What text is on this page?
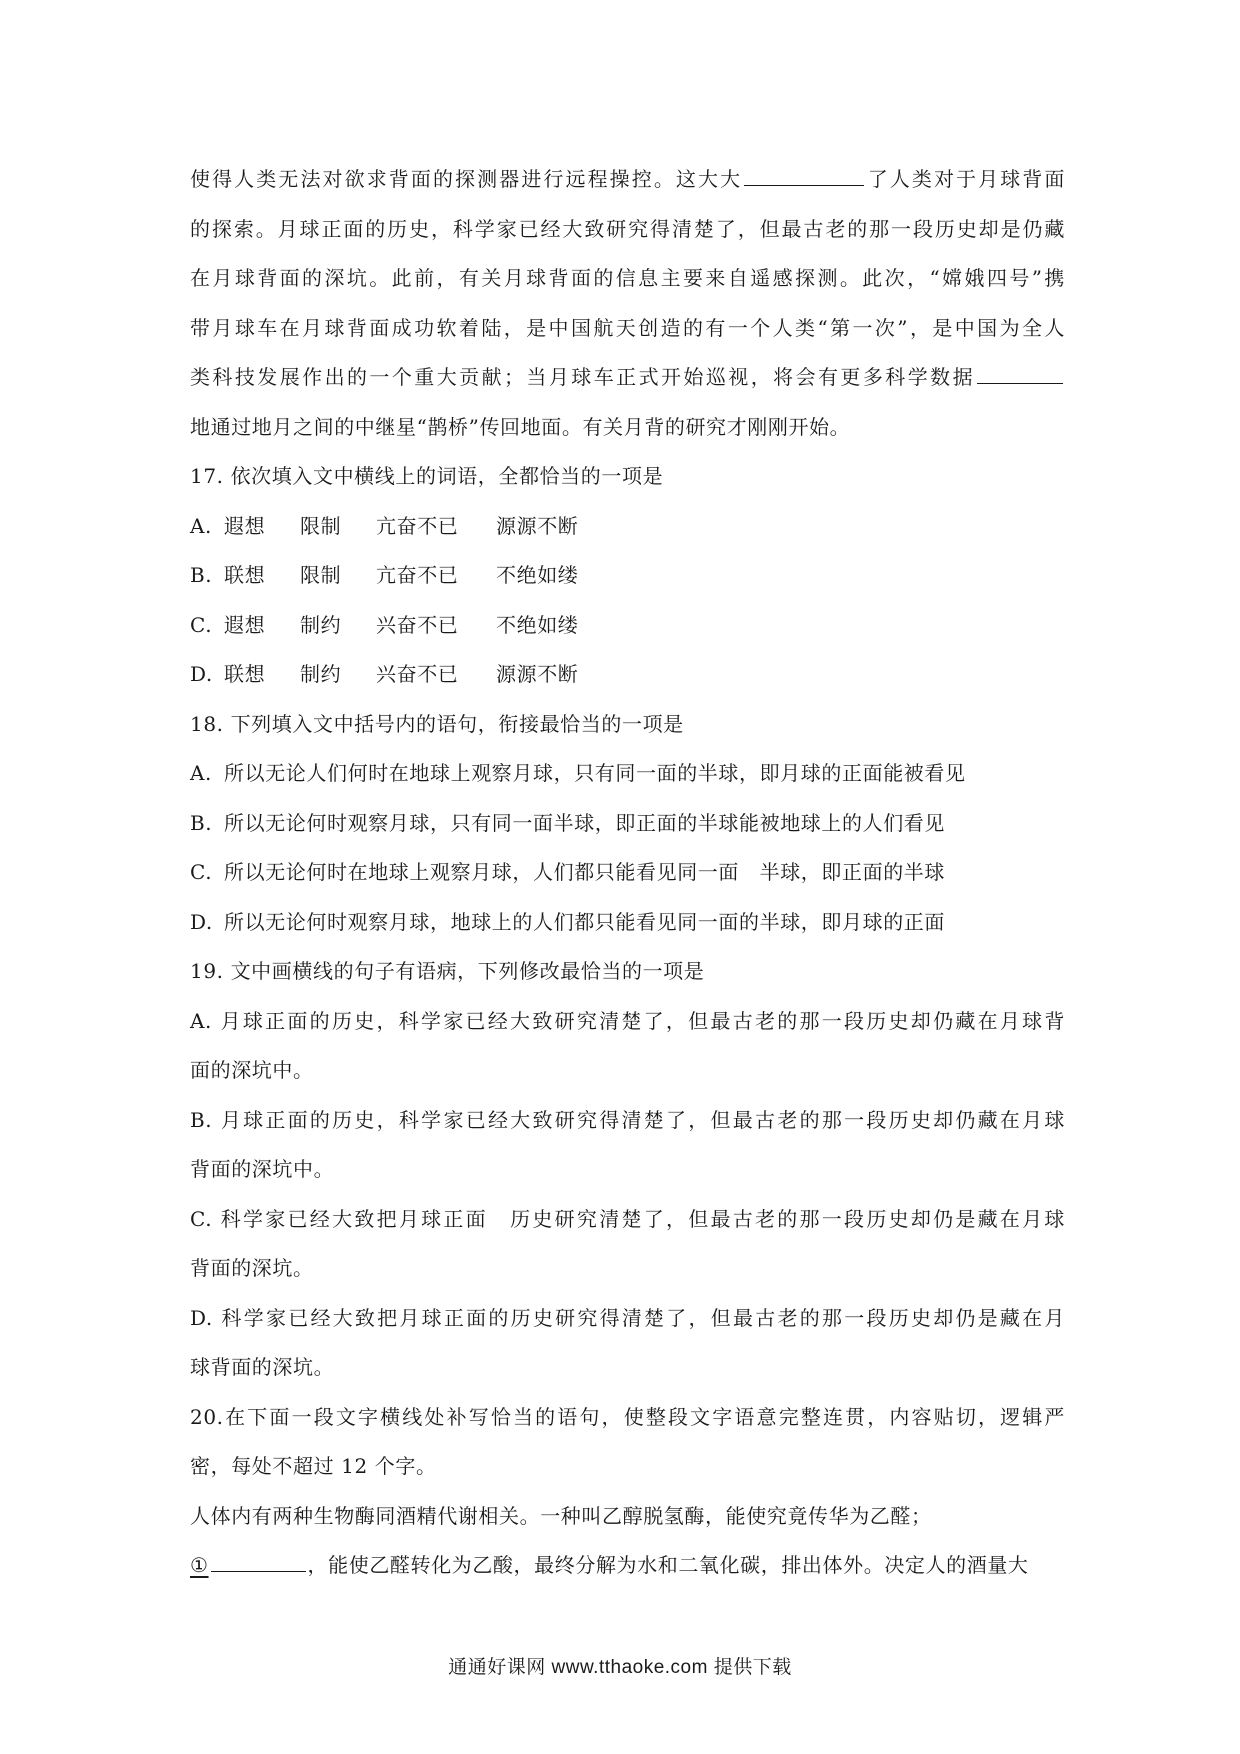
使得人类无法对欲求背面的探测器进行远程操控。这大大	了人类对于月球背面
的探索。月球正面的历史，科学家已经大致研究得清楚了，但最古老的那一段历史却是仍藏
在月球背面的深坑。此前，有关月球背面的信息主要来自遥感探测。此次，“嫦娥四号”携
带月球车在月球背面成功软着陆，是中国航天创造的有一个人类“第一次”，是中国为全人
类科技发展作出的一个重大贡献；当月球车正式开始巡视，将会有更多科学数据
地通过地月之间的中继星“鹊桥”传回地面。有关月背的研究才刚刚开始。
17. 依次填入文中横线上的词语，全都恰当的一项是
A. 遐想 限制 亢奋不已 源源不断
B. 联想 限制 亢奋不已 不绝如缕
C. 遐想 制约 兴奋不已 不绝如缕
D. 联想 制约 兴奋不已 源源不断
18. 下列填入文中括号内的语句，衔接最恰当的一项是
A. 所以无论人们何时在地球上观察月球，只有同一面的半球，即月球的正面能被看见
B. 所以无论何时观察月球，只有同一面半球，即正面的半球能被地球上的人们看见
C. 所以无论何时在地球上观察月球，人们都只能看见同一面　半球，即正面的半球
D. 所以无论何时观察月球，地球上的人们都只能看见同一面的半球，即月球的正面
19. 文中画横线的句子有语病，下列修改最恰当的一项是
A. 月球正面的历史，科学家已经大致研究清楚了，但最古老的那一段历史却仍藏在月球背
面的深坑中。
B. 月球正面的历史，科学家已经大致研究得清楚了，但最古老的那一段历史却仍藏在月球
背面的深坑中。
C. 科学家已经大致把月球正面　历史研究清楚了，但最古老的那一段历史却仍是藏在月球
背面的深坑。
D. 科学家已经大致把月球正面的历史研究得清楚了，但最古老的那一段历史却仍是藏在月
球背面的深坑。
20.在下面一段文字横线处补写恰当的语句，使整段文字语意完整连贯，内容贴切，逻辑严
密，每处不超过 12 个字。
人体内有两种生物酶同酒精代谢相关。一种叫乙醇脱氢酶，能使究竟传华为乙醛；
①	，能使乙醛转化为乙酸，最终分解为水和二氧化碳，排出体外。决定人的酒量大
通通好课网 www.tthaoke.com 提供下载
